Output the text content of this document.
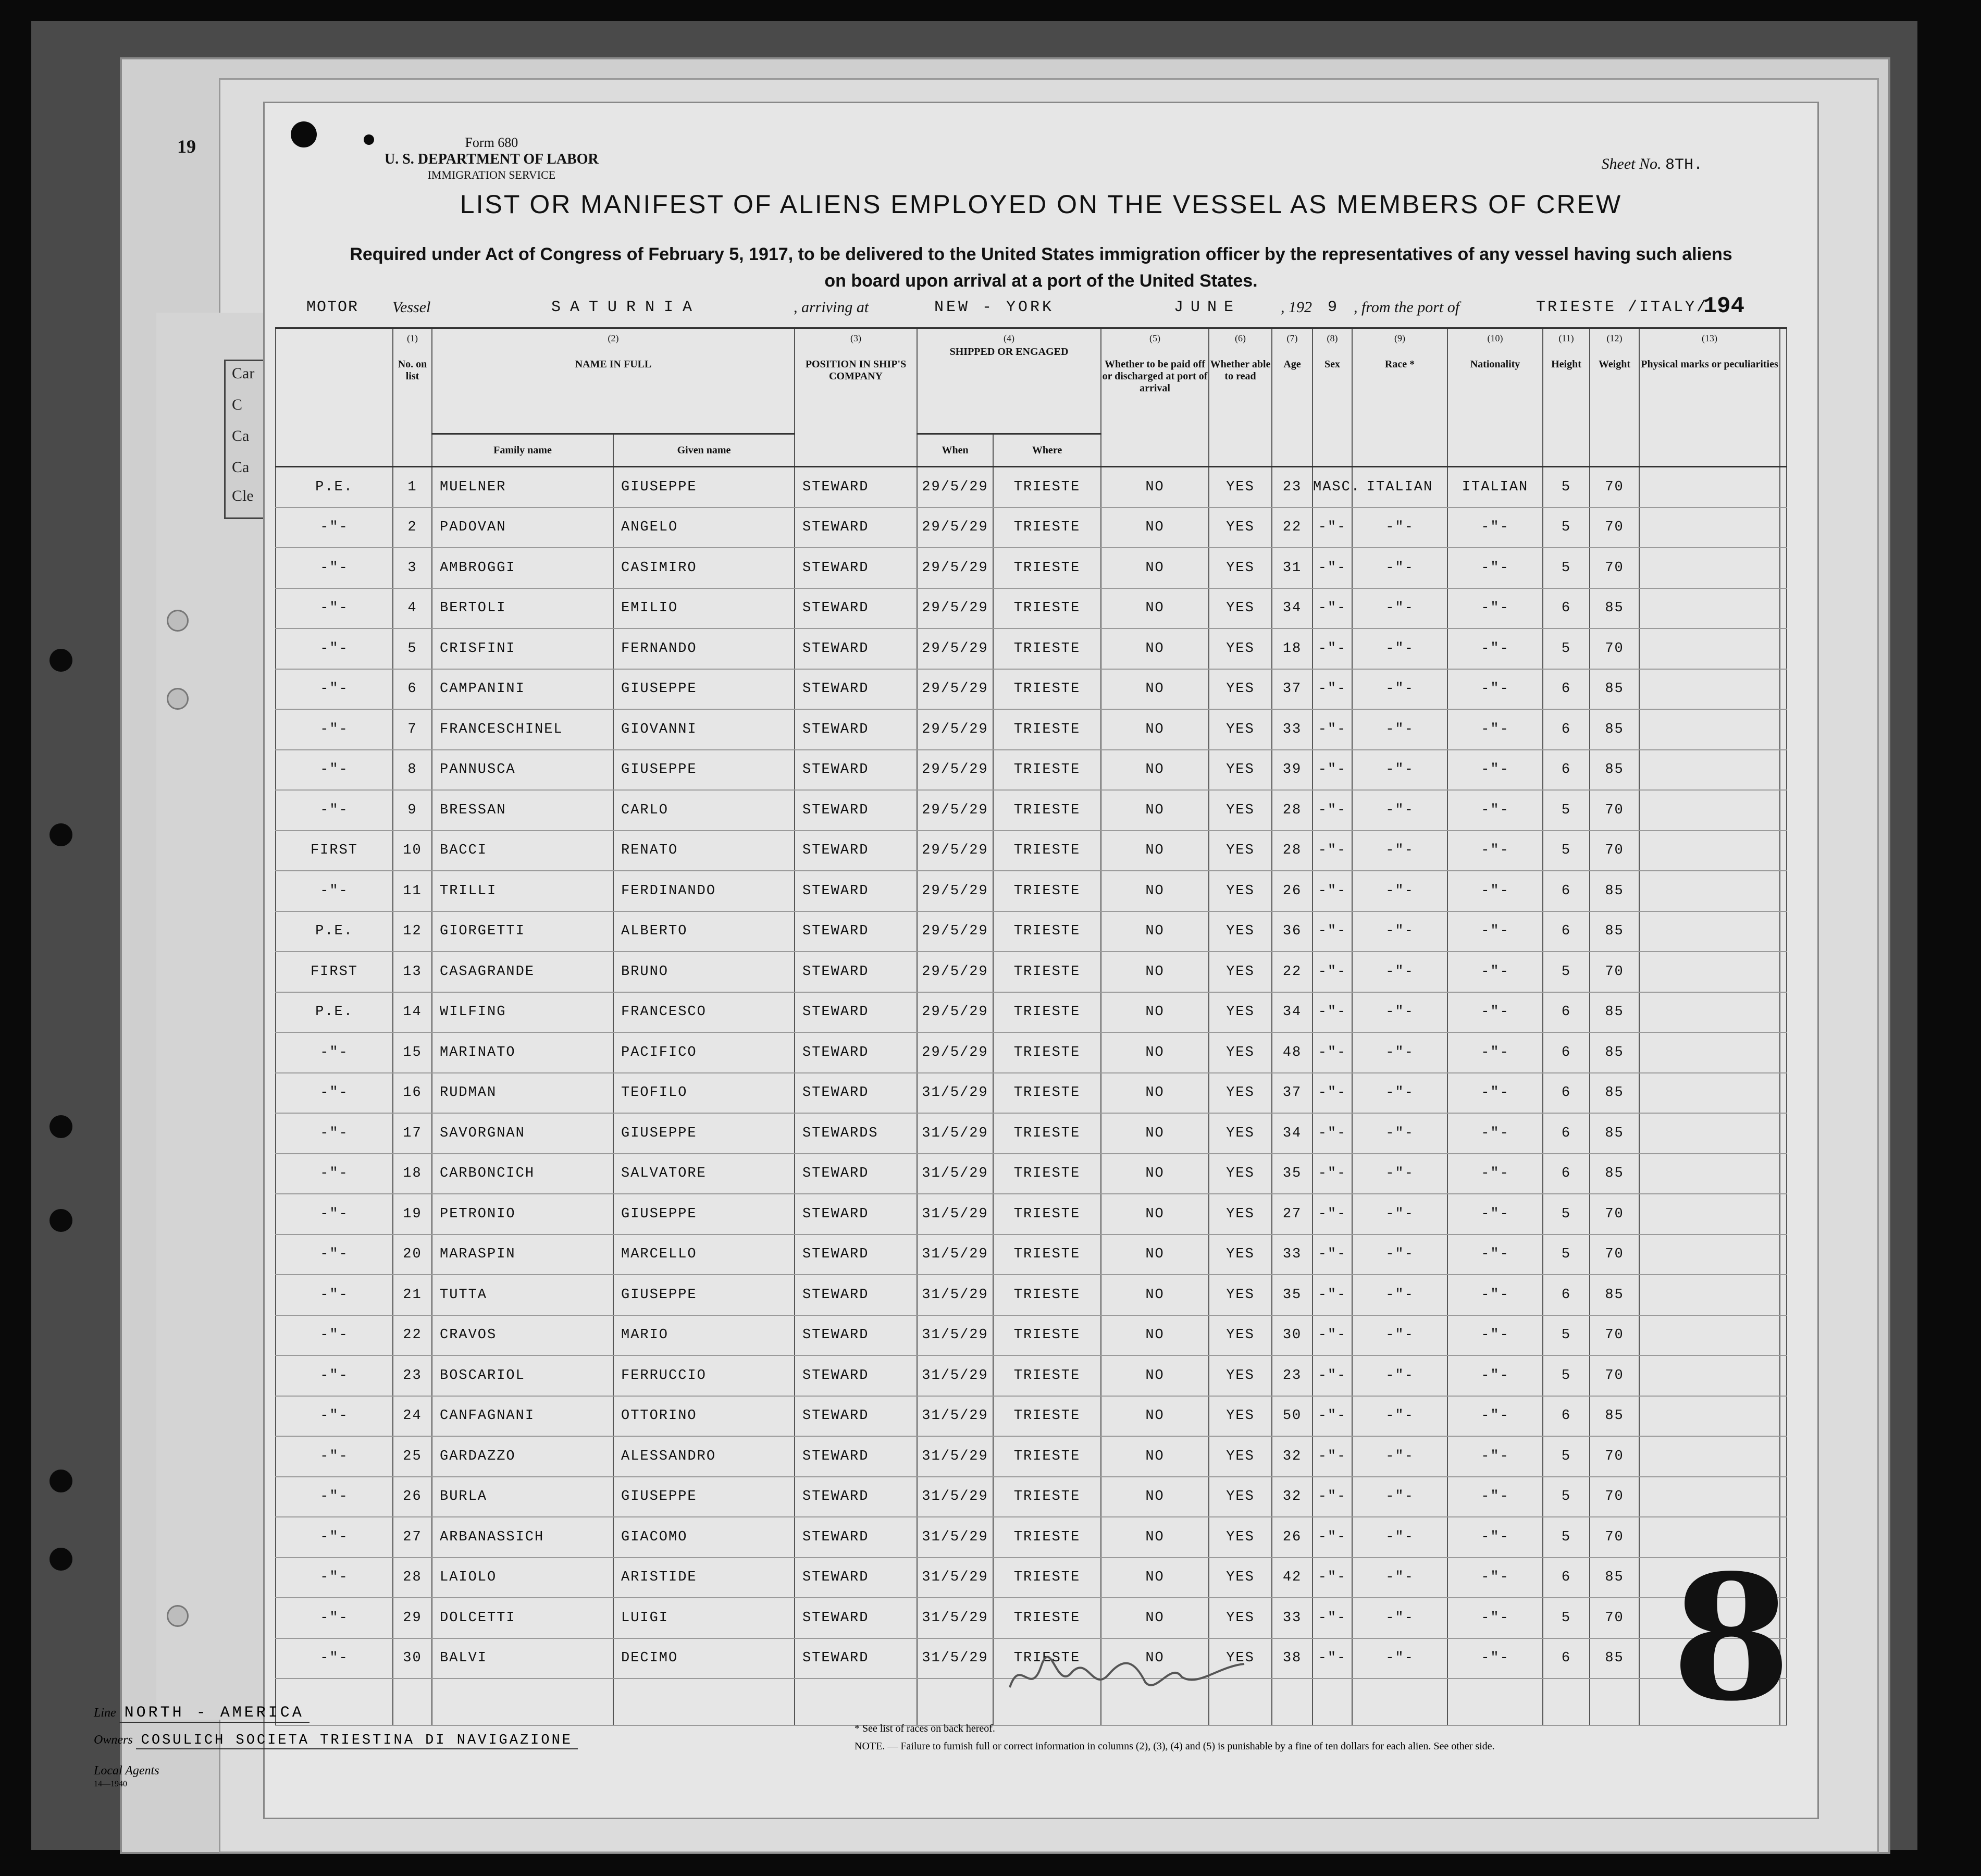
19
Car
C
Ca
Ca
Cle
Form 680
U. S. DEPARTMENT OF LABOR
IMMIGRATION SERVICE
Sheet No. 8TH.
LIST OR MANIFEST OF ALIENS EMPLOYED ON THE VESSEL AS MEMBERS OF CREW
Required under Act of Congress of February 5, 1917, to be delivered to the United States immigration officer by the representatives of any vessel having such aliens
on board upon arrival at a port of the United States.
MOTOR Vessel	SATURNIA	, arriving at	NEW - YORK	JUNE	, 192 9 , from the port of	TRIESTE /ITALY/
194

	(1)
No. on list	(2)
NAME IN FULL		(3)
POSITION IN SHIP'S COMPANY	(4)
SHIPPED OR ENGAGED		(5)
Whether to be paid off or discharged at port of arrival	(6)
Whether able to read	(7)
Age	(8)
Sex	(9)
Race *	(10)
Nationality	(11)
Height	(12)
Weight	(13)
Physical marks or peculiarities	

		Family name	Given name		When	Where										
P.E.	1	MUELNER	GIUSEPPE	STEWARD	29/5/29	TRIESTE	NO	YES	23	MASC.	ITALIAN	ITALIAN	5	70		
-"-	2	PADOVAN	ANGELO	STEWARD	29/5/29	TRIESTE	NO	YES	22	-"-	-"-	-"-	5	70		
-"-	3	AMBROGGI	CASIMIRO	STEWARD	29/5/29	TRIESTE	NO	YES	31	-"-	-"-	-"-	5	70		
-"-	4	BERTOLI	EMILIO	STEWARD	29/5/29	TRIESTE	NO	YES	34	-"-	-"-	-"-	6	85		
-"-	5	CRISFINI	FERNANDO	STEWARD	29/5/29	TRIESTE	NO	YES	18	-"-	-"-	-"-	5	70		
-"-	6	CAMPANINI	GIUSEPPE	STEWARD	29/5/29	TRIESTE	NO	YES	37	-"-	-"-	-"-	6	85		
-"-	7	FRANCESCHINEL	GIOVANNI	STEWARD	29/5/29	TRIESTE	NO	YES	33	-"-	-"-	-"-	6	85		
-"-	8	PANNUSCA	GIUSEPPE	STEWARD	29/5/29	TRIESTE	NO	YES	39	-"-	-"-	-"-	6	85		
-"-	9	BRESSAN	CARLO	STEWARD	29/5/29	TRIESTE	NO	YES	28	-"-	-"-	-"-	5	70		
FIRST	10	BACCI	RENATO	STEWARD	29/5/29	TRIESTE	NO	YES	28	-"-	-"-	-"-	5	70		
-"-	11	TRILLI	FERDINANDO	STEWARD	29/5/29	TRIESTE	NO	YES	26	-"-	-"-	-"-	6	85		
P.E.	12	GIORGETTI	ALBERTO	STEWARD	29/5/29	TRIESTE	NO	YES	36	-"-	-"-	-"-	6	85		
FIRST	13	CASAGRANDE	BRUNO	STEWARD	29/5/29	TRIESTE	NO	YES	22	-"-	-"-	-"-	5	70		
P.E.	14	WILFING	FRANCESCO	STEWARD	29/5/29	TRIESTE	NO	YES	34	-"-	-"-	-"-	6	85		
-"-	15	MARINATO	PACIFICO	STEWARD	29/5/29	TRIESTE	NO	YES	48	-"-	-"-	-"-	6	85		
-"-	16	RUDMAN	TEOFILO	STEWARD	31/5/29	TRIESTE	NO	YES	37	-"-	-"-	-"-	6	85		
-"-	17	SAVORGNAN	GIUSEPPE	STEWARDS	31/5/29	TRIESTE	NO	YES	34	-"-	-"-	-"-	6	85		
-"-	18	CARBONCICH	SALVATORE	STEWARD	31/5/29	TRIESTE	NO	YES	35	-"-	-"-	-"-	6	85		
-"-	19	PETRONIO	GIUSEPPE	STEWARD	31/5/29	TRIESTE	NO	YES	27	-"-	-"-	-"-	5	70		
-"-	20	MARASPIN	MARCELLO	STEWARD	31/5/29	TRIESTE	NO	YES	33	-"-	-"-	-"-	5	70		
-"-	21	TUTTA	GIUSEPPE	STEWARD	31/5/29	TRIESTE	NO	YES	35	-"-	-"-	-"-	6	85		
-"-	22	CRAVOS	MARIO	STEWARD	31/5/29	TRIESTE	NO	YES	30	-"-	-"-	-"-	5	70		
-"-	23	BOSCARIOL	FERRUCCIO	STEWARD	31/5/29	TRIESTE	NO	YES	23	-"-	-"-	-"-	5	70		
-"-	24	CANFAGNANI	OTTORINO	STEWARD	31/5/29	TRIESTE	NO	YES	50	-"-	-"-	-"-	6	85		
-"-	25	GARDAZZO	ALESSANDRO	STEWARD	31/5/29	TRIESTE	NO	YES	32	-"-	-"-	-"-	5	70		
-"-	26	BURLA	GIUSEPPE	STEWARD	31/5/29	TRIESTE	NO	YES	32	-"-	-"-	-"-	5	70		
-"-	27	ARBANASSICH	GIACOMO	STEWARD	31/5/29	TRIESTE	NO	YES	26	-"-	-"-	-"-	5	70		
-"-	28	LAIOLO	ARISTIDE	STEWARD	31/5/29	TRIESTE	NO	YES	42	-"-	-"-	-"-	6	85		
-"-	29	DOLCETTI	LUIGI	STEWARD	31/5/29	TRIESTE	NO	YES	33	-"-	-"-	-"-	5	70		
-"-	30	BALVI	DECIMO	STEWARD	31/5/29	TRIESTE	NO	YES	38	-"-	-"-	-"-	6	85		
																8
Line NORTH - AMERICA
Owners COSULICH SOCIETA TRIESTINA DI NAVIGAZIONE
Local Agents
14—1940
* See list of races on back hereof.
NOTE. — Failure to furnish full or correct information in columns (2), (3), (4) and (5) is punishable by a fine of ten dollars for each alien. See other side.
